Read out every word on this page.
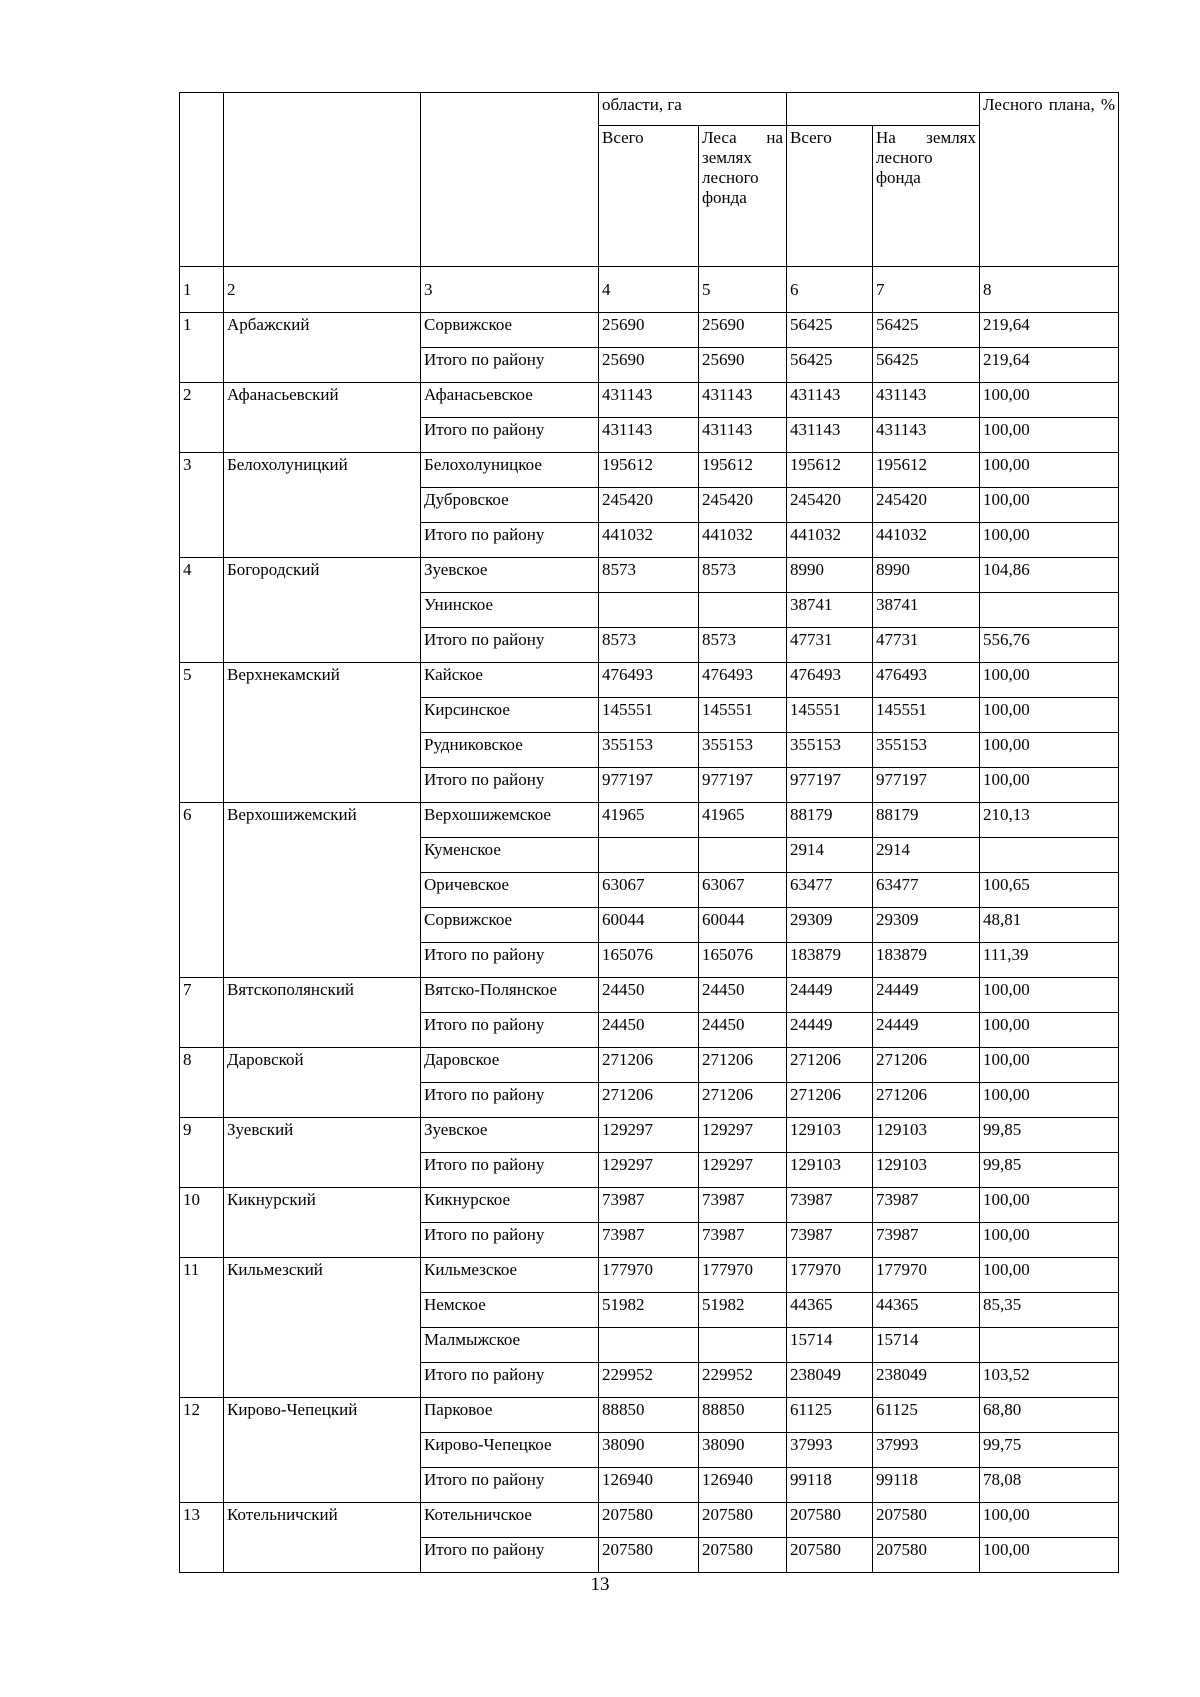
			области, га				Лесного плана, %
			Всего	Леса на землях лесного фонда	Всего	На землях лесного фонда	
1	2	3	4	5	6	7	8
1	Арбажский	Сорвижское	25690	25690	56425	56425	219,64
		Итого по району	25690	25690	56425	56425	219,64
2	Афанасьевский	Афанасьевское	431143	431143	431143	431143	100,00
		Итого по району	431143	431143	431143	431143	100,00
3	Белохолуницкий	Белохолуницкое	195612	195612	195612	195612	100,00
		Дубровское	245420	245420	245420	245420	100,00
		Итого по району	441032	441032	441032	441032	100,00
4	Богородский	Зуевское	8573	8573	8990	8990	104,86
		Унинское			38741	38741	
		Итого по району	8573	8573	47731	47731	556,76
5	Верхнекамский	Кайское	476493	476493	476493	476493	100,00
		Кирсинское	145551	145551	145551	145551	100,00
		Рудниковское	355153	355153	355153	355153	100,00
		Итого по району	977197	977197	977197	977197	100,00
6	Верхошижемский	Верхошижемское	41965	41965	88179	88179	210,13
		Куменское			2914	2914	
		Оричевское	63067	63067	63477	63477	100,65
		Сорвижское	60044	60044	29309	29309	48,81
		Итого по району	165076	165076	183879	183879	111,39
7	Вятскополянский	Вятско-Полянское	24450	24450	24449	24449	100,00
		Итого по району	24450	24450	24449	24449	100,00
8	Даровской	Даровское	271206	271206	271206	271206	100,00
		Итого по району	271206	271206	271206	271206	100,00
9	Зуевский	Зуевское	129297	129297	129103	129103	99,85
		Итого по району	129297	129297	129103	129103	99,85
10	Кикнурский	Кикнурское	73987	73987	73987	73987	100,00
		Итого по району	73987	73987	73987	73987	100,00
11	Кильмезский	Кильмезское	177970	177970	177970	177970	100,00
		Немское	51982	51982	44365	44365	85,35
		Малмыжское			15714	15714	
		Итого по району	229952	229952	238049	238049	103,52
12	Кирово-Чепецкий	Парковое	88850	88850	61125	61125	68,80
		Кирово-Чепецкое	38090	38090	37993	37993	99,75
		Итого по району	126940	126940	99118	99118	78,08
13	Котельничский	Котельничское	207580	207580	207580	207580	100,00
		Итого по району	207580	207580	207580	207580	100,00
13
